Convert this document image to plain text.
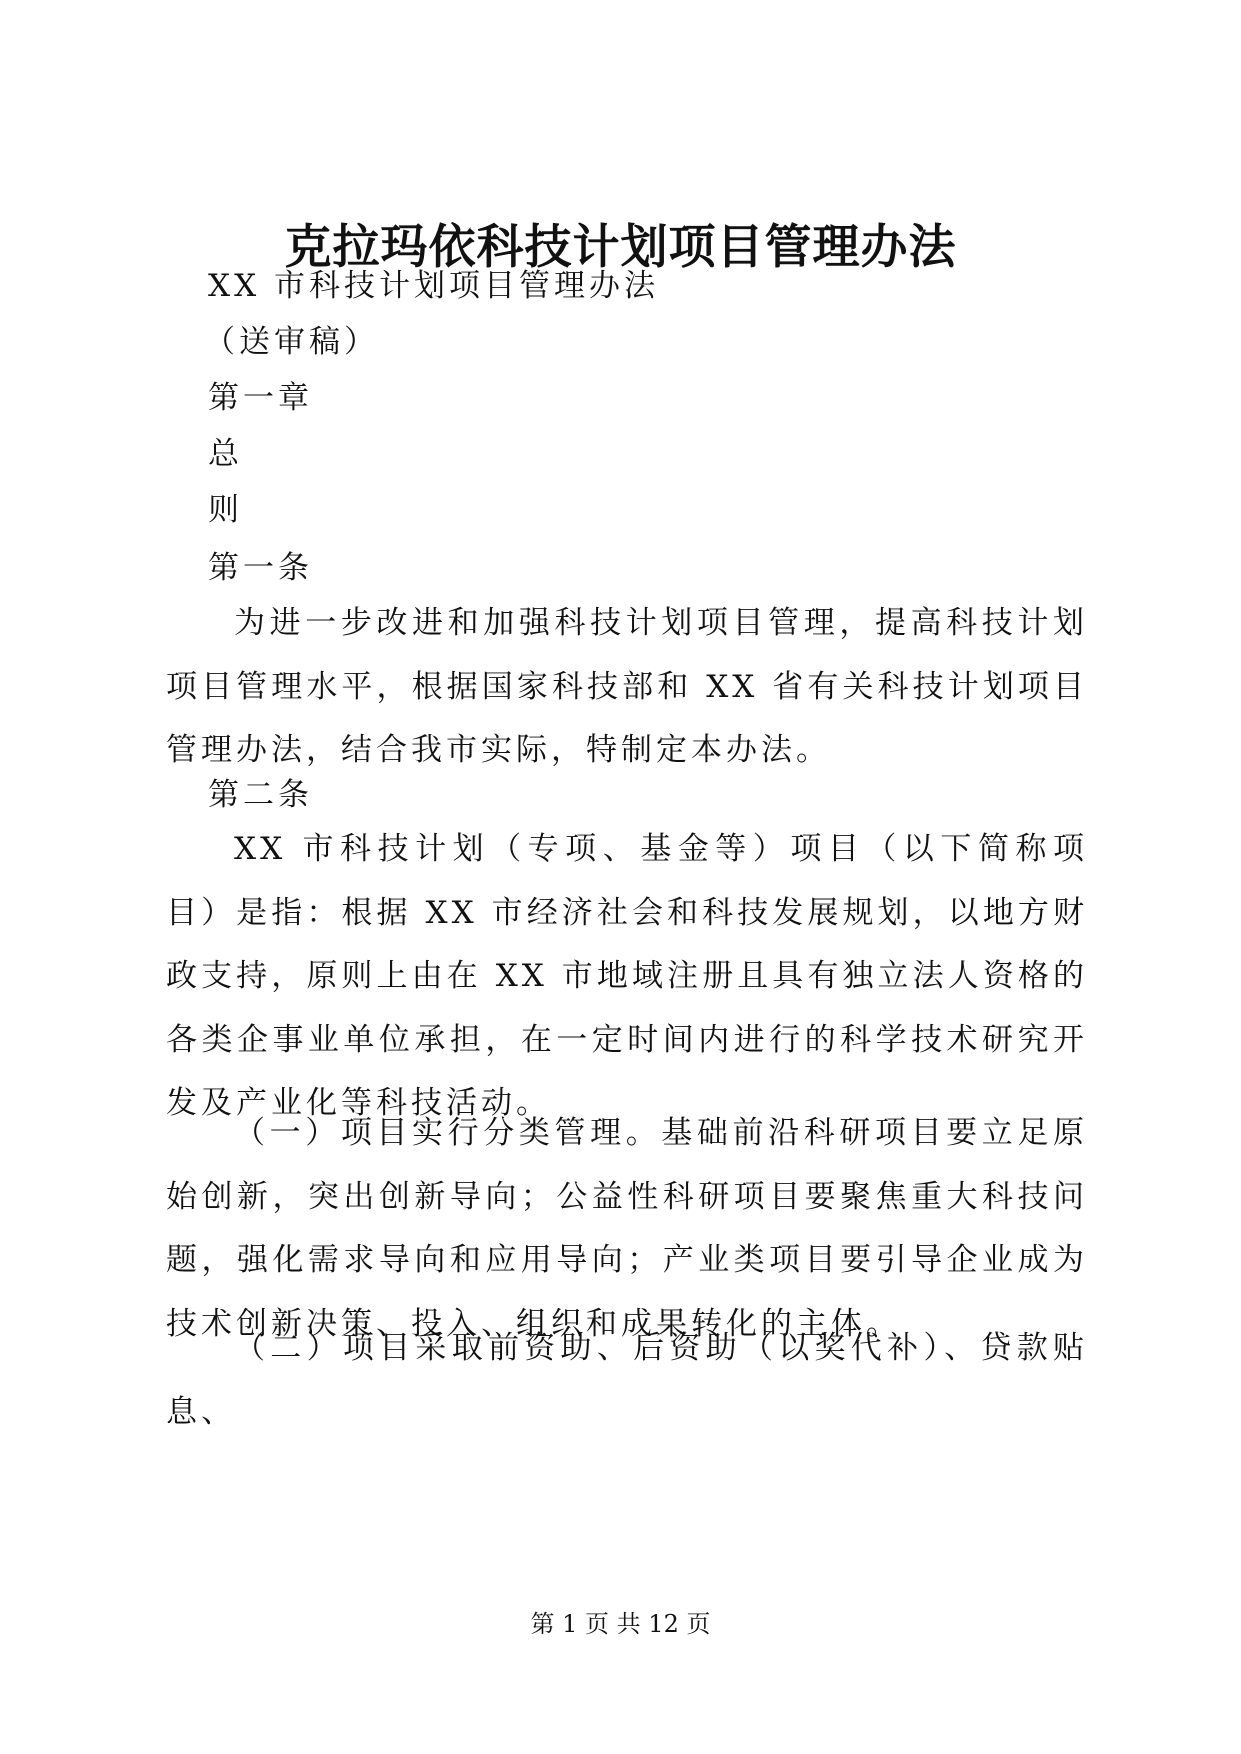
克拉玛依科技计划项目管理办法
XX 市科技计划项目管理办法
（送审稿）
第一章
总
则
第一条
为进一步改进和加强科技计划项目管理，提高科技计划项目管理水平，根据国家科技部和 XX 省有关科技计划项目管理办法，结合我市实际，特制定本办法。
第二条
XX 市科技计划（专项、基金等）项目（以下简称项目）是指：根据 XX 市经济社会和科技发展规划，以地方财政支持，原则上由在 XX 市地域注册且具有独立法人资格的各类企事业单位承担，在一定时间内进行的科学技术研究开发及产业化等科技活动。
（一）项目实行分类管理。基础前沿科研项目要立足原始创新，突出创新导向；公益性科研项目要聚焦重大科技问题，强化需求导向和应用导向；产业类项目要引导企业成为技术创新决策、投入、组织和成果转化的主体。
（二）项目采取前资助、后资助（以奖代补）、贷款贴息、
第 1 页 共 12 页
